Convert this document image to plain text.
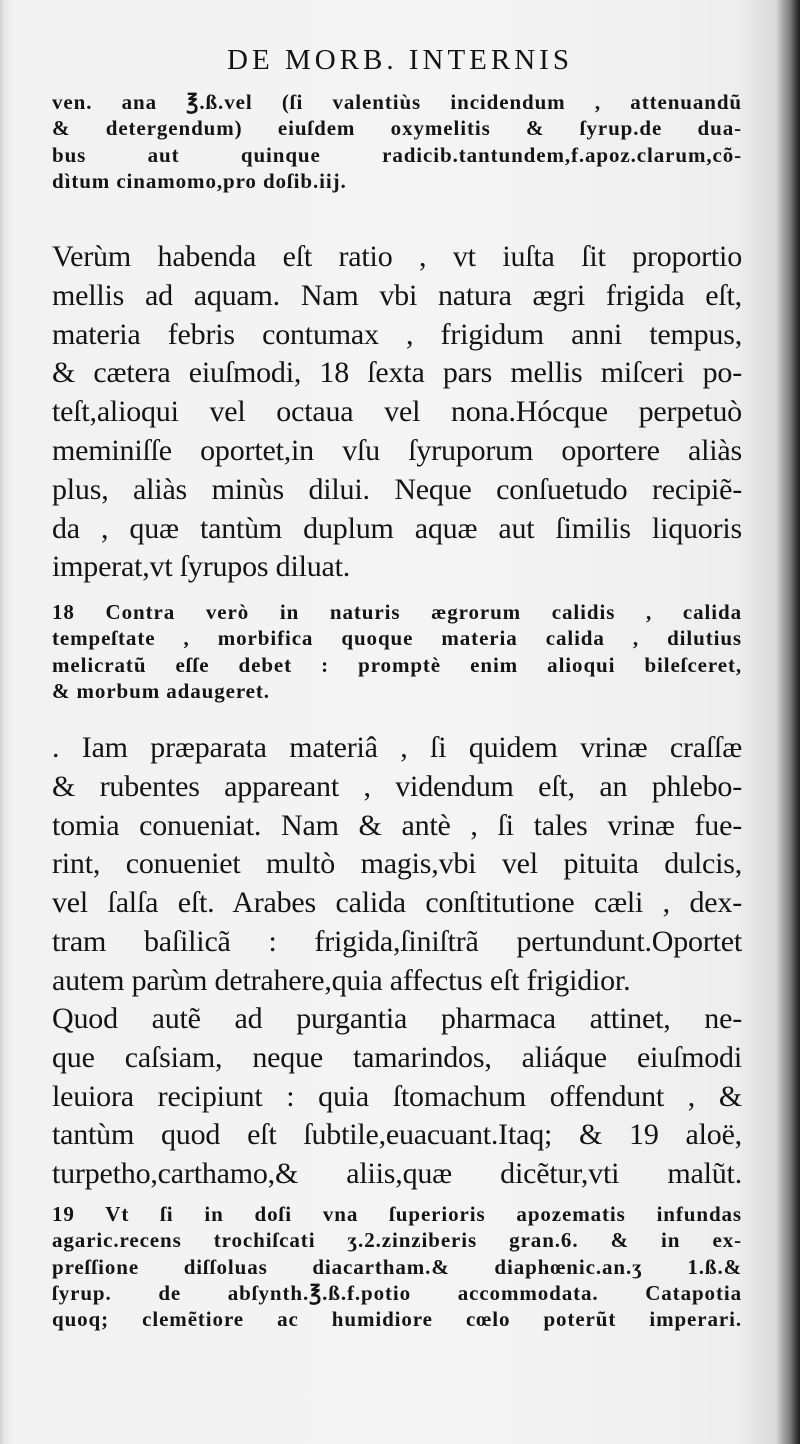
DE MORB. INTERNIS
ven. ana ℥.ß.vel (ſi valentiùs incidendum , attenuandũ
& detergendum) eiuſdem oxymelitis & ſyrup.de dua-
bus aut quinque radicib.tantundem,f.apoz.clarum,cõ-
dìtum cinamomo,pro doſib.iij.
Verùm habenda eſt ratio , vt iuſta ſit proportio
mellis ad aquam. Nam vbi natura ægri frigida eſt,
materia febris contumax , frigidum anni tempus,
& cætera eiuſmodi, 18 ſexta pars mellis miſceri po-
teſt,alioqui vel octaua vel nona.Hócque perpetuò
meminiſſe oportet,in vſu ſyruporum oportere aliàs
plus, aliàs minùs dilui. Neque conſuetudo recipiẽ-
da , quæ tantùm duplum aquæ aut ſimilis liquoris
imperat,vt ſyrupos diluat.
18 Contra verò in naturis ægrorum calidis , calida
tempeſtate , morbifica quoque materia calida , dilutius
melicratũ eſſe debet : promptè enim alioqui bileſceret,
& morbum adaugeret.
. Iam præparata materiâ , ſi quidem vrinæ craſſæ
& rubentes appareant , videndum eſt, an phlebo-
tomia conueniat. Nam & antè , ſi tales vrinæ fue-
rint, conueniet multò magis,vbi vel pituita dulcis,
vel ſalſa eſt. Arabes calida conſtitutione cæli , dex-
tram baſilicã : frigida,ſiniſtrã pertundunt.Oportet
autem parùm detrahere,quia affectus eſt frigidior.
Quod autẽ ad purgantia pharmaca attinet, ne-
que caſsiam, neque tamarindos, aliáque eiuſmodi
leuiora recipiunt : quia ſtomachum offendunt , &
tantùm quod eſt ſubtile,euacuant.Itaq; & 19 aloë,
turpetho,carthamo,& aliis,quæ dicẽtur,vti malũt.
19 Vt ſi in doſi vna ſuperioris apozematis infundas
agaric.recens trochiſcati ʒ.2.zinziberis gran.6. & in ex-
preſſione diſſoluas diacartham.& diaphœnic.an.ʒ 1.ß.&
ſyrup. de abſynth.℥.ß.f.potio accommodata. Catapotia
quoq; clemẽtiore ac humidiore cœlo poterũt imperari.
